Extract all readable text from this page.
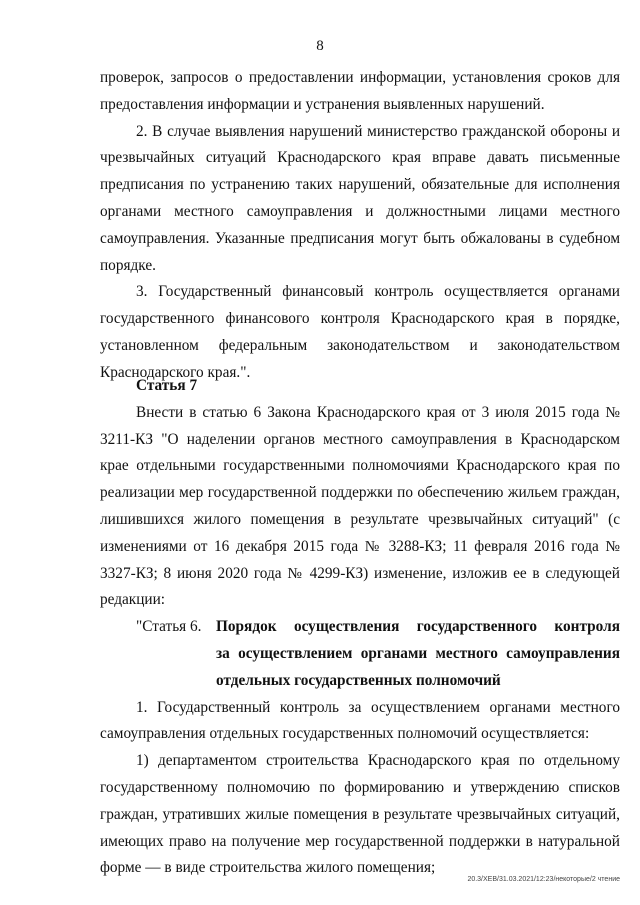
8

проверок, запросов о предоставлении информации, установления сроков для предоставления информации и устранения выявленных нарушений.

2. В случае выявления нарушений министерство гражданской обороны и чрезвычайных ситуаций Краснодарского края вправе давать письменные предписания по устранению таких нарушений, обязательные для исполнения органами местного самоуправления и должностными лицами местного самоуправления. Указанные предписания могут быть обжалованы в судебном порядке.

3. Государственный финансовый контроль осуществляется органами государственного финансового контроля Краснодарского края в порядке, установленном федеральным законодательством и законодательством Краснодарского края.".

Статья 7

Внести в статью 6 Закона Краснодарского края от 3 июля 2015 года № 3211-КЗ "О наделении органов местного самоуправления в Краснодарском крае отдельными государственными полномочиями Краснодарского края по реализации мер государственной поддержки по обеспечению жильем граждан, лишившихся жилого помещения в результате чрезвычайных ситуаций" (с изменениями от 16 декабря 2015 года № 3288-КЗ; 11 февраля 2016 года № 3327-КЗ; 8 июня 2020 года № 4299-КЗ) изменение, изложив ее в следующей редакции:

"Статья 6. Порядок осуществления государственного контроля
за осуществлением органами местного самоуправления
отдельных государственных полномочий

1. Государственный контроль за осуществлением органами местного самоуправления отдельных государственных полномочий осуществляется:

1) департаментом строительства Краснодарского края по отдельному государственному полномочию по формированию и утверждению списков граждан, утративших жилые помещения в результате чрезвычайных ситуаций, имеющих право на получение мер государственной поддержки в натуральной форме — в виде строительства жилого помещения;

20.3/ХЕВ/31.03.2021/12:23/некоторые/2 чтение
